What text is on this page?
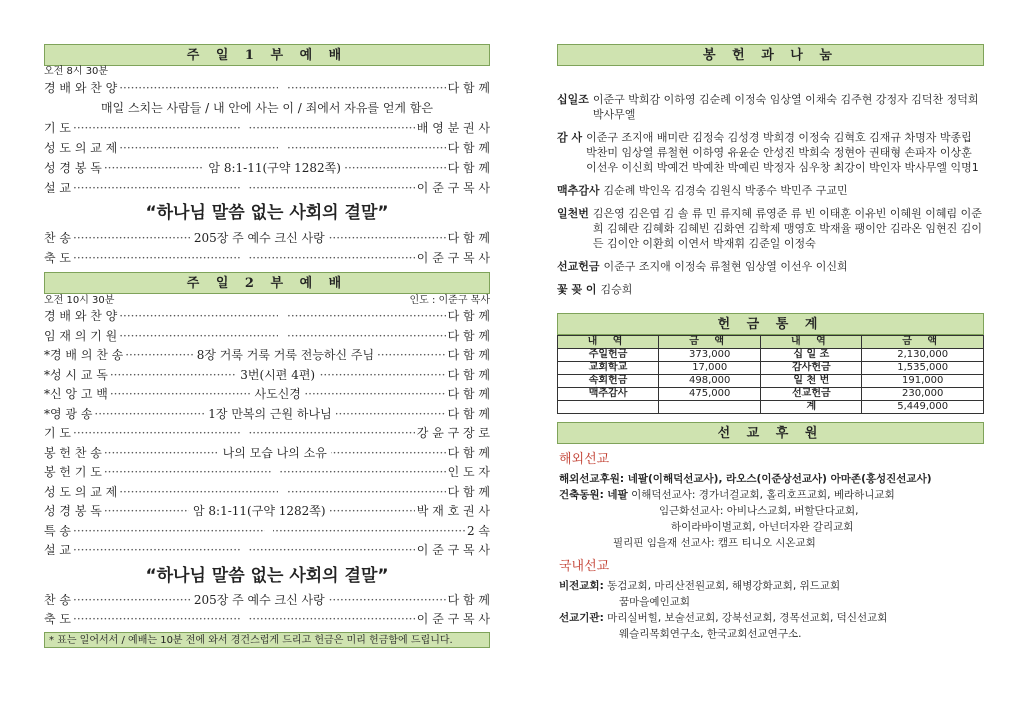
주 일 1 부 예 배
오전 8시 30분
경 배 와 찬 양 ·····	다 함 께
매일 스치는 사람들 / 내 안에 사는 이 / 죄에서 자유를 얻게 함은
기 도 ·····	배 영 분 권 사
성 도 의 교 제 ·····	다 함 께
성 경 봉 독	····· 암 8:1-11(구약 1282쪽)	다 함 께
설 교 ·····	이 준 구 목 사
“하나님 말씀 없는 사회의 결말”
찬 송	····· 205장 주 예수 크신 사랑	다 함 께
축 도 ·····	이 준 구 목 사
주 일 2 부 예 배
오전 10시 30분	인도 : 이준구 목사
경 배 와 찬 양 ·····	다 함 께
임 재 의 기 원 ·····	다 함 께
*경 배 의 찬 송	····· 8장 거룩 거룩 거룩 전능하신 주님	다 함 께
*성 시 교 독	····· 3번(시편 4편)	다 함 께
*신 앙 고 백	····· 사도신경	다 함 께
*영 광 송	····· 1장 만복의 근원 하나님	다 함 께
기 도 ·····	강 윤 구 장 로
봉 헌 찬 송	····· 나의 모습 나의 소유	다 함 께
봉 헌 기 도 ·····	인 도 자
성 도 의 교 제 ·····	다 함 께
성 경 봉 독	····· 암 8:1-11(구약 1282쪽)	박 재 호 권 사
특 송 ·····	2 속
설 교 ·····	이 준 구 목 사
“하나님 말씀 없는 사회의 결말”
찬 송	····· 205장 주 예수 크신 사랑	다 함 께
축 도 ·····	이 준 구 목 사
* 표는 일어서서 / 예배는 10분 전에 와서 경건스럽게 드리고 헌금은 미리 헌금함에 드립니다.
봉 헌 과 나 눔
십일조 이준구 박희감 이하영 김순례 이정숙 임상열 이채숙 김주현 강정자 김덕찬 정덕희 박사무엘
감 사 이준구 조지애 배미란 김정숙 김성경 박희경 이정숙 김혁호 김재규 차명자 박종립 박찬미 임상열 류철현 이하영 유윤순 안성진 박희숙 정현아 권태형 손파자 이상훈 이선우 이신희 박예건 박예찬 박예린 박정자 심우창 최강이 박인자 박사무엘 익명1
맥추감사 김순례 박인옥 김경숙 김원식 박종수 박민주 구교민
일천번 김은영 김은엽 김 솔 류 민 류지혜 류영준 류 빈 이태훈 이유빈 이혜원 이혜림 이준희 김혜란 김혜화 김혜빈 김화연 김학제 맹영호 박재율 팽이안 김라온 임현진 김이든 김이안 이환희 이연서 박재휘 김준일 이정숙
선교헌금 이준구 조지애 이정숙 류철현 임상열 이선우 이신희
꽃 꽂 이 김승희
헌 금 통 계
내 역	금 액	내 역	금 액
주일헌금	373,000	십 일 조	2,130,000
교회학교	17,000	감사헌금	1,535,000
속회헌금	498,000	일 천 번	191,000
맥추감사	475,000	선교헌금	230,000
		계	5,449,000
선 교 후 원
해외선교
해외선교후원: 네팔(이해덕선교사), 라오스(이준상선교사) 아마존(홍성진선교사)
건축동원: 네팔 이해덕선교사: 경가너걸교회, 홀리호프교회, 베라하니교회
임근화선교사: 아비나스교회, 버할단다교회,
하이라바이벌교회, 아넌더자완 갈리교회
필리핀 임을재 선교사: 캠프 티니오 시온교회
국내선교
비전교회: 동검교회, 마리산전원교회, 해병강화교회, 위드교회
꿈마을예인교회
선교기관: 마리실버힐, 보술선교회, 강북선교회, 경목선교회, 덕신선교회
웨슬리목회연구소, 한국교회선교연구소.
